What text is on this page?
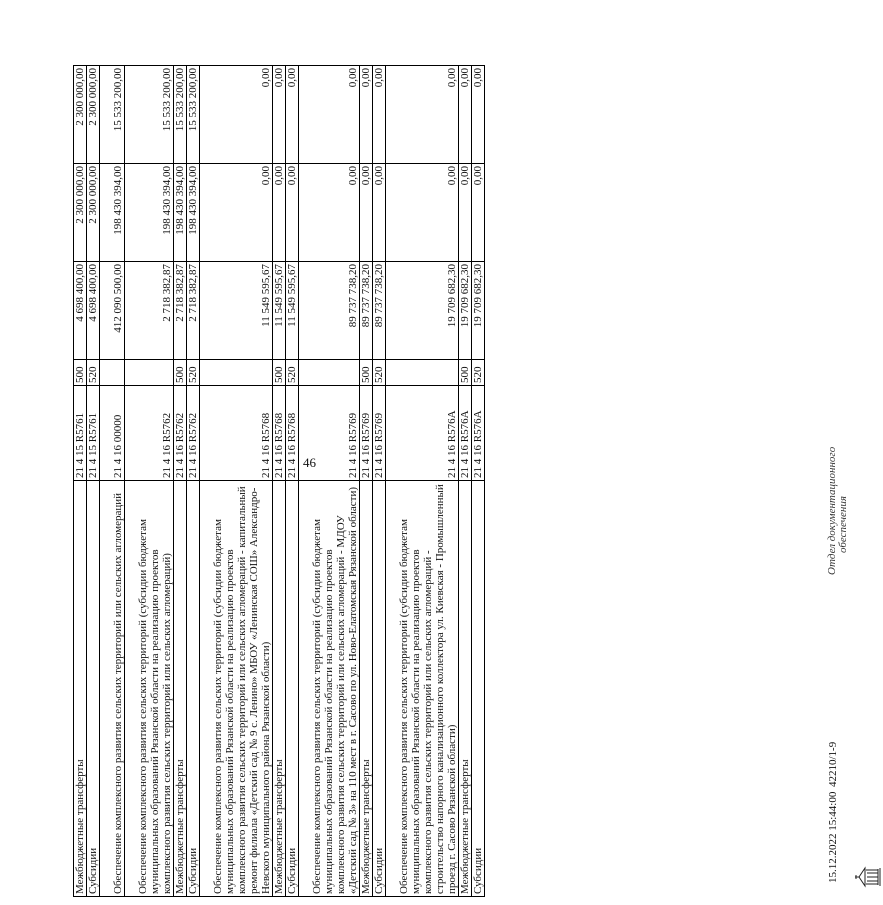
46
Межбюджетные трансферты	21 4 15 R5761	500	4 698 400,00	2 300 000,00	2 300 000,00
Субсидии	21 4 15 R5761	520	4 698 400,00	2 300 000,00	2 300 000,00
Обеспечение комплексного развития сельских территорий или сельских агломераций	21 4 16 00000		412 090 500,00	198 430 394,00	15 533 200,00
Обеспечение комплексного развития сельских территорий (субсидии бюджетам муниципальных образований Рязанской области на реализацию проектов комплексного развития сельских территорий или сельских агломераций)	21 4 16 R5762		2 718 382,87	198 430 394,00	15 533 200,00
Межбюджетные трансферты	21 4 16 R5762	500	2 718 382,87	198 430 394,00	15 533 200,00
Субсидии	21 4 16 R5762	520	2 718 382,87	198 430 394,00	15 533 200,00
Обеспечение комплексного развития сельских территорий (субсидии бюджетам муниципальных образований Рязанской области на реализацию проектов комплексного развития сельских территорий или сельских агломераций - капитальный ремонт филиала «Детский сад № 9 с. Ленино» МБОУ «Ленинская СОШ» Александро-Невского муниципального района Рязанской области)	21 4 16 R5768		11 549 595,67	0,00	0,00
Межбюджетные трансферты	21 4 16 R5768	500	11 549 595,67	0,00	0,00
Субсидии	21 4 16 R5768	520	11 549 595,67	0,00	0,00
Обеспечение комплексного развития сельских территорий (субсидии бюджетам муниципальных образований Рязанской области на реализацию проектов комплексного развития сельских территорий или сельских агломераций - МДОУ «Детский сад № 3» на 110 мест в г. Сасово по ул. Ново-Елатомская Рязанской области)	21 4 16 R5769		89 737 738,20	0,00	0,00
Межбюджетные трансферты	21 4 16 R5769	500	89 737 738,20	0,00	0,00
Субсидии	21 4 16 R5769	520	89 737 738,20	0,00	0,00
Обеспечение комплексного развития сельских территорий (субсидии бюджетам муниципальных образований Рязанской области на реализацию проектов комплексного развития сельских территорий или сельских агломераций - строительство напорного канализационного коллектора ул. Киевская - Промышленный проезд г. Сасово Рязанской области)	21 4 16 R576A		19 709 682,30	0,00	0,00
Межбюджетные трансферты	21 4 16 R576A	500	19 709 682,30	0,00	0,00
Субсидии	21 4 16 R576A	520	19 709 682,30	0,00	0,00
15.12.2022 15:44:00
42210/1-9
Отдел документационного обеспечения
